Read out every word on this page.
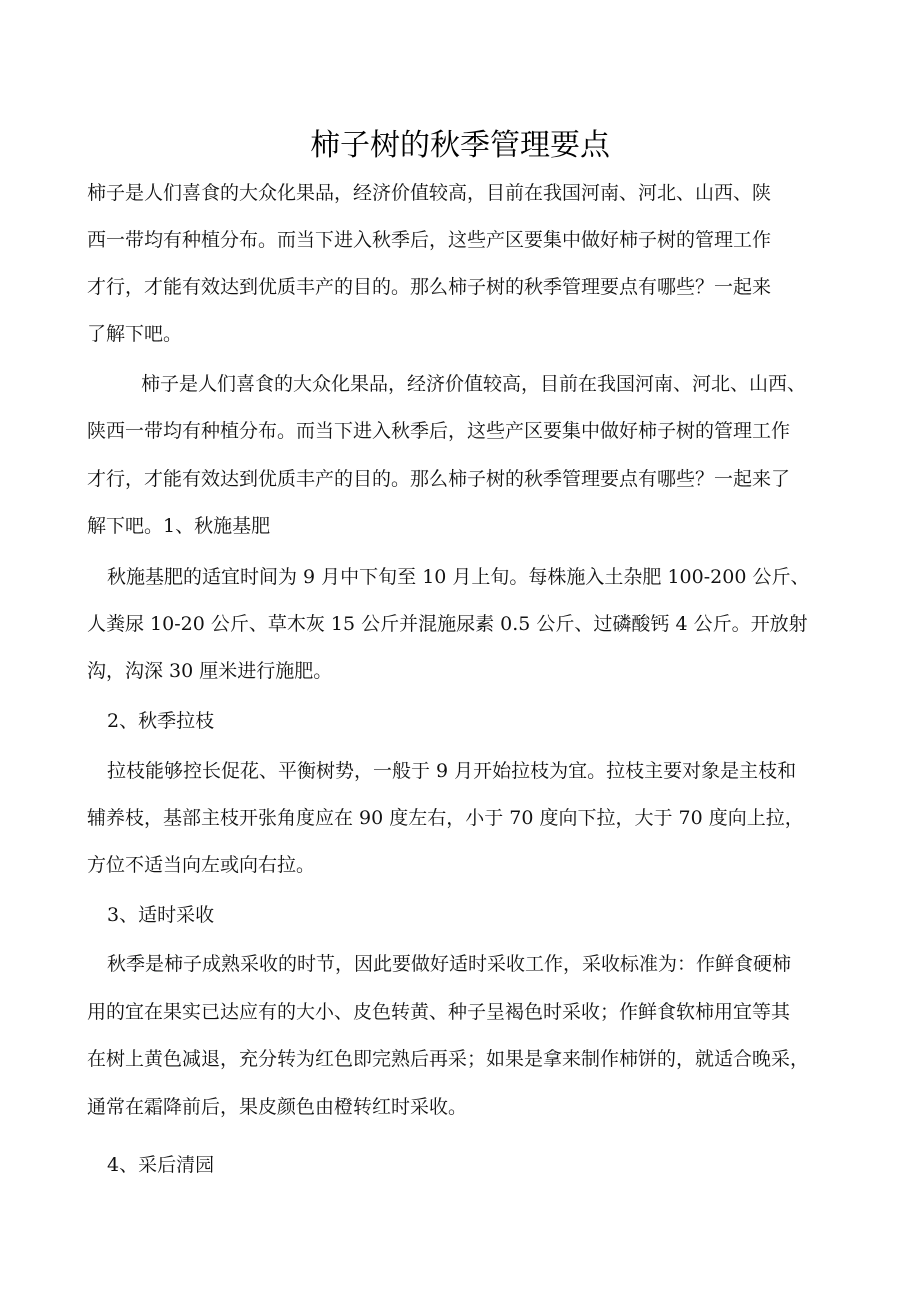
柿子树的秋季管理要点

柿子是人们喜食的大众化果品，经济价值较高，目前在我国河南、河北、山西、陕

西一带均有种植分布。而当下进入秋季后，这些产区要集中做好柿子树的管理工作

才行，才能有效达到优质丰产的目的。那么柿子树的秋季管理要点有哪些？一起来

了解下吧。

柿子是人们喜食的大众化果品，经济价值较高，目前在我国河南、河北、山西、

陕西一带均有种植分布。而当下进入秋季后，这些产区要集中做好柿子树的管理工作

才行，才能有效达到优质丰产的目的。那么柿子树的秋季管理要点有哪些？一起来了

解下吧。1、秋施基肥

秋施基肥的适宜时间为 9 月中下旬至 10 月上旬。每株施入土杂肥 100-200 公斤、

人粪尿 10-20 公斤、草木灰 15 公斤并混施尿素 0.5 公斤、过磷酸钙 4 公斤。开放射

沟，沟深 30 厘米进行施肥。

2、秋季拉枝

拉枝能够控长促花、平衡树势，一般于 9 月开始拉枝为宜。拉枝主要对象是主枝和

辅养枝，基部主枝开张角度应在 90 度左右，小于 70 度向下拉，大于 70 度向上拉，

方位不适当向左或向右拉。

3、适时采收

秋季是柿子成熟采收的时节，因此要做好适时采收工作，采收标准为：作鲜食硬柿

用的宜在果实已达应有的大小、皮色转黄、种子呈褐色时采收；作鲜食软柿用宜等其

在树上黄色减退，充分转为红色即完熟后再采；如果是拿来制作柿饼的，就适合晚采，

通常在霜降前后，果皮颜色由橙转红时采收。

4、采后清园
